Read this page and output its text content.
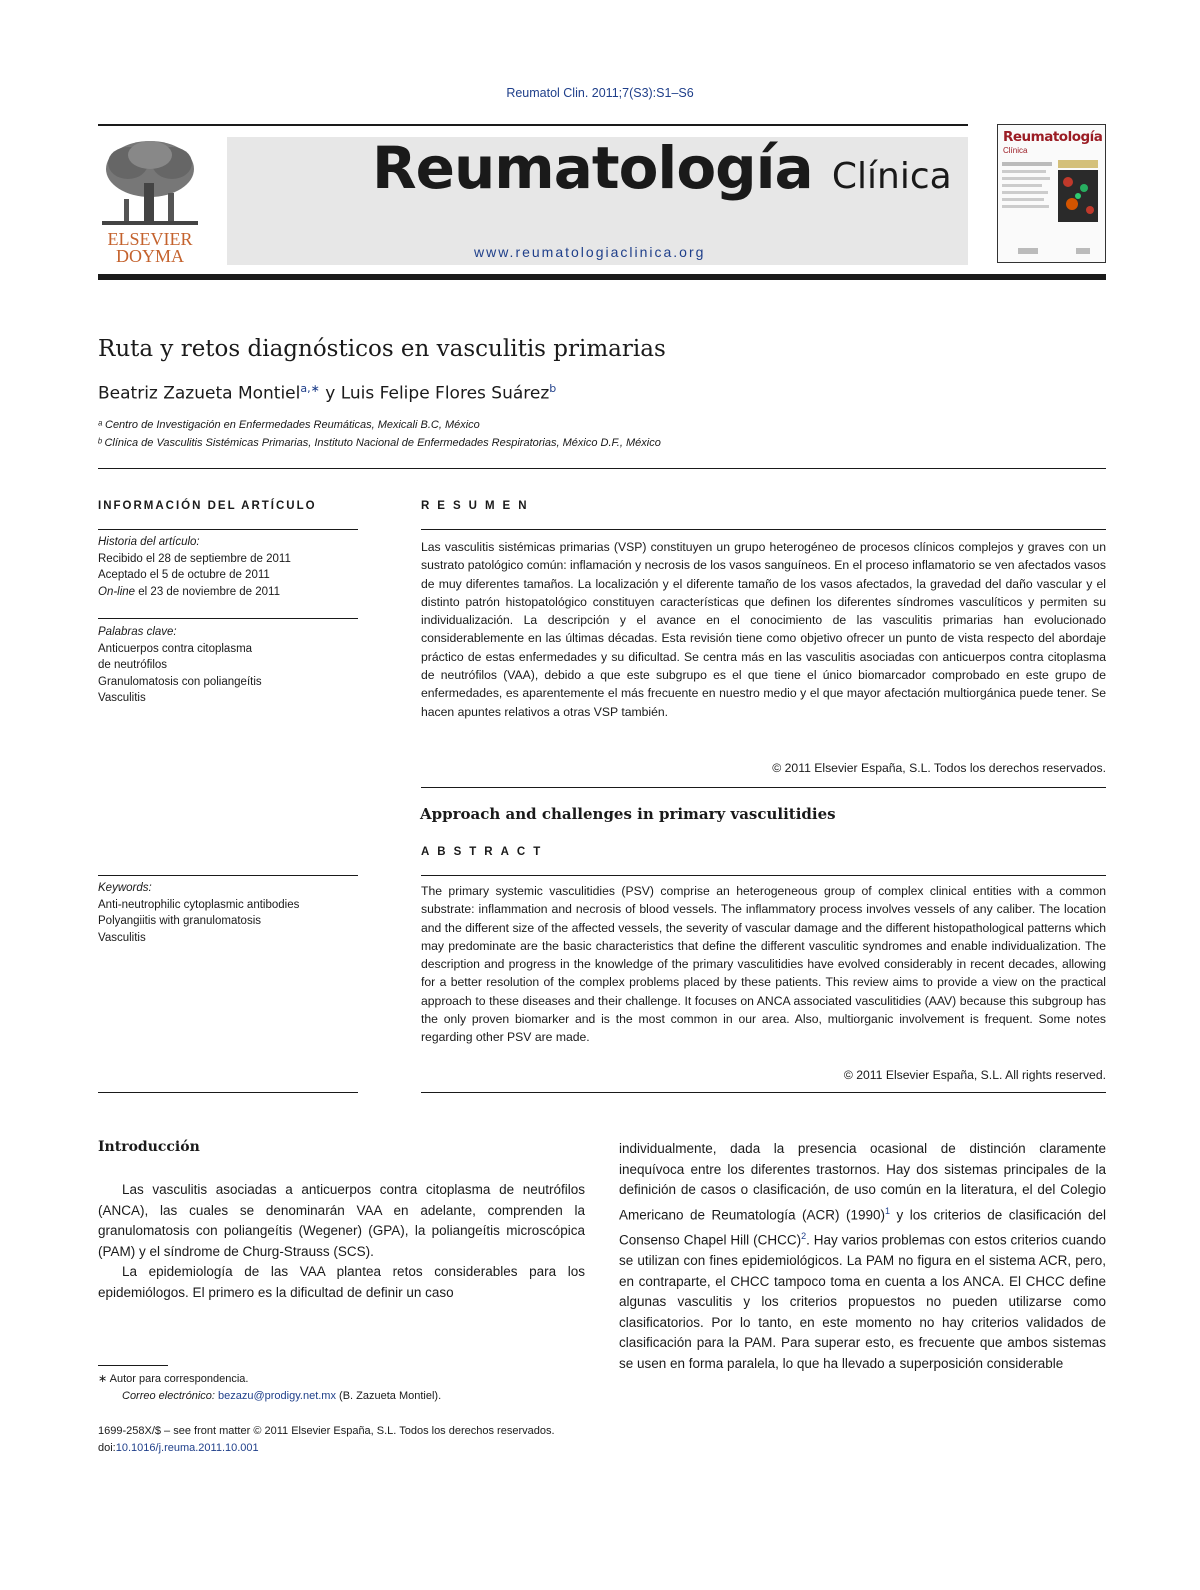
Reumatol Clin. 2011;7(S3):S1–S6
ELSEVIER
DOYMA
Reumatología Clínica
www.reumatologiaclinica.org
Reumatología
Clínica
Ruta y retos diagnósticos en vasculitis primarias
Beatriz Zazueta Montiel$^{a,∗}$ y Luis Felipe Flores Suárez$^b$
ᵃ Centro de Investigación en Enfermedades Reumáticas, Mexicali B.C, México
ᵇ Clínica de Vasculitis Sistémicas Primarias, Instituto Nacional de Enfermedades Respiratorias, México D.F., México
INFORMACIÓN DEL ARTÍCULO
Historia del artículo:
Recibido el 28 de septiembre de 2011
Aceptado el 5 de octubre de 2011
On-line el 23 de noviembre de 2011
Palabras clave:
Anticuerpos contra citoplasma
de neutrófilos
Granulomatosis con poliangeítis
Vasculitis
Keywords:
Anti-neutrophilic cytoplasmic antibodies
Polyangiitis with granulomatosis
Vasculitis
RESUMEN
Las vasculitis sistémicas primarias (VSP) constituyen un grupo heterogéneo de procesos clínicos complejos y graves con un sustrato patológico común: inflamación y necrosis de los vasos sanguíneos. En el proceso inflamatorio se ven afectados vasos de muy diferentes tamaños. La localización y el diferente tamaño de los vasos afectados, la gravedad del daño vascular y el distinto patrón histopatológico constituyen características que definen los diferentes síndromes vasculíticos y permiten su individualización. La descripción y el avance en el conocimiento de las vasculitis primarias han evolucionado considerablemente en las últimas décadas. Esta revisión tiene como objetivo ofrecer un punto de vista respecto del abordaje práctico de estas enfermedades y su dificultad. Se centra más en las vasculitis asociadas con anticuerpos contra citoplasma de neutrófilos (VAA), debido a que este subgrupo es el que tiene el único biomarcador comprobado en este grupo de enfermedades, es aparentemente el más frecuente en nuestro medio y el que mayor afectación multiorgánica puede tener. Se hacen apuntes relativos a otras VSP también.
© 2011 Elsevier España, S.L. Todos los derechos reservados.
Approach and challenges in primary vasculitidies
ABSTRACT
The primary systemic vasculitidies (PSV) comprise an heterogeneous group of complex clinical entities with a common substrate: inflammation and necrosis of blood vessels. The inflammatory process involves vessels of any caliber. The location and the different size of the affected vessels, the severity of vascular damage and the different histopathological patterns which may predominate are the basic characteristics that define the different vasculitic syndromes and enable individualization. The description and progress in the knowledge of the primary vasculitidies have evolved considerably in recent decades, allowing for a better resolution of the complex problems placed by these patients. This review aims to provide a view on the practical approach to these diseases and their challenge. It focuses on ANCA associated vasculitidies (AAV) because this subgroup has the only proven biomarker and is the most common in our area. Also, multiorganic involvement is frequent. Some notes regarding other PSV are made.
© 2011 Elsevier España, S.L. All rights reserved.
Introducción
Las vasculitis asociadas a anticuerpos contra citoplasma de neutrófilos (ANCA), las cuales se denominarán VAA en adelante, comprenden la granulomatosis con poliangeítis (Wegener) (GPA), la poliangeítis microscópica (PAM) y el síndrome de Churg-Strauss (SCS).
La epidemiología de las VAA plantea retos considerables para los epidemiólogos. El primero es la dificultad de definir un caso
individualmente, dada la presencia ocasional de distinción claramente inequívoca entre los diferentes trastornos. Hay dos sistemas principales de la definición de casos o clasificación, de uso común en la literatura, el del Colegio Americano de Reumatología (ACR) $(1990)^1$ y los criterios de clasificación del Consenso Chapel Hill (CHCC)$^2$. Hay varios problemas con estos criterios cuando se utilizan con fines epidemiológicos. La PAM no figura en el sistema ACR, pero, en contraparte, el CHCC tampoco toma en cuenta a los ANCA. El CHCC define algunas vasculitis y los criterios propuestos no pueden utilizarse como clasificatorios. Por lo tanto, en este momento no hay criterios validados de clasificación para la PAM. Para superar esto, es frecuente que ambos sistemas se usen en forma paralela, lo que ha llevado a superposición considerable
∗ Autor para correspondencia.
Correo electrónico: bezazu@prodigy.net.mx (B. Zazueta Montiel).
1699-258X/$ – see front matter © 2011 Elsevier España, S.L. Todos los derechos reservados.
doi:10.1016/j.reuma.2011.10.001
